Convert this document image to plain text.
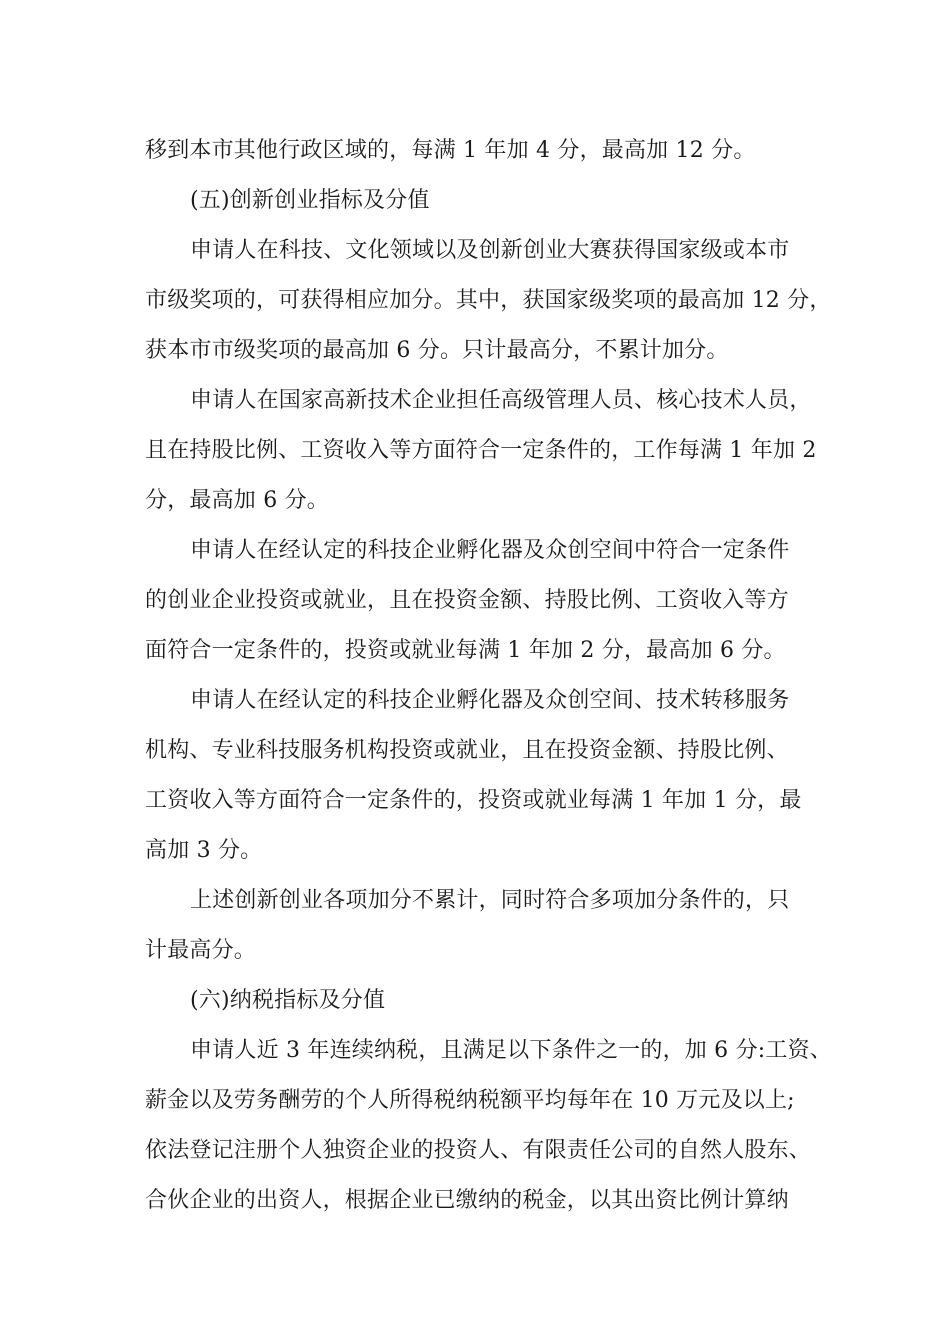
移到本市其他行政区域的，每满 1 年加 4 分，最高加 12 分。
(五)创新创业指标及分值
申请人在科技、文化领域以及创新创业大赛获得国家级或本市
市级奖项的，可获得相应加分。其中，获国家级奖项的最高加 12 分，
获本市市级奖项的最高加 6 分。只计最高分，不累计加分。
申请人在国家高新技术企业担任高级管理人员、核心技术人员，
且在持股比例、工资收入等方面符合一定条件的，工作每满 1 年加 2
分，最高加 6 分。
申请人在经认定的科技企业孵化器及众创空间中符合一定条件
的创业企业投资或就业，且在投资金额、持股比例、工资收入等方
面符合一定条件的，投资或就业每满 1 年加 2 分，最高加 6 分。
申请人在经认定的科技企业孵化器及众创空间、技术转移服务
机构、专业科技服务机构投资或就业，且在投资金额、持股比例、
工资收入等方面符合一定条件的，投资或就业每满 1 年加 1 分，最
高加 3 分。
上述创新创业各项加分不累计，同时符合多项加分条件的，只
计最高分。
(六)纳税指标及分值
申请人近 3 年连续纳税，且满足以下条件之一的，加 6 分:工资、
薪金以及劳务酬劳的个人所得税纳税额平均每年在 10 万元及以上;
依法登记注册个人独资企业的投资人、有限责任公司的自然人股东、
合伙企业的出资人，根据企业已缴纳的税金，以其出资比例计算纳
